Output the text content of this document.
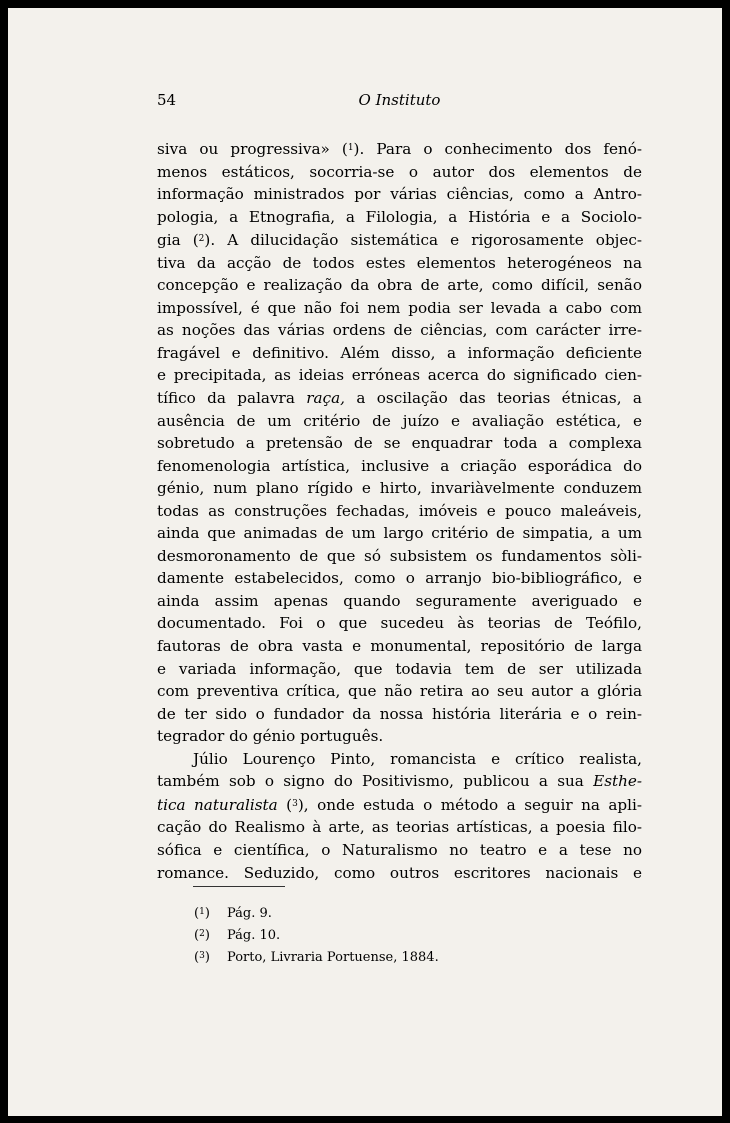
54	O Instituto

siva ou progressiva» ($^1$). Para o conhecimento dos fenó-
menos estáticos, socorria-se o autor dos elementos de
informação ministrados por várias ciências, como a Antro-
pologia, a Etnografia, a Filologia, a História e a Sociolo-
gia ($^2$). A dilucidação sistemática e rigorosamente objec-
tiva da acção de todos estes elementos heterogéneos na
concepção e realização da obra de arte, como difícil, senão
impossível, é que não foi nem podia ser levada a cabo com
as noções das várias ordens de ciências, com carácter irre-
fragável e definitivo. Além disso, a informação deficiente
e precipitada, as ideias erróneas acerca do significado cien-
tífico da palavra raça, a oscilação das teorias étnicas, a
ausência de um critério de juízo e avaliação estética, e
sobretudo a pretensão de se enquadrar toda a complexa
fenomenologia artística, inclusive a criação esporádica do
génio, num plano rígido e hirto, invariàvelmente conduzem
todas as construções fechadas, imóveis e pouco maleáveis,
ainda que animadas de um largo critério de simpatia, a um
desmoronamento de que só subsistem os fundamentos sòli-
damente estabelecidos, como o arranjo bio-bibliográfico, e
ainda assim apenas quando seguramente averiguado e
documentado. Foi o que sucedeu às teorias de Teófilo,
fautoras de obra vasta e monumental, repositório de larga
e variada informação, que todavia tem de ser utilizada
com preventiva crítica, que não retira ao seu autor a glória
de ter sido o fundador da nossa história literária e o rein-
tegrador do génio português.

Júlio Lourenço Pinto, romancista e crítico realista,
também sob o signo do Positivismo, publicou a sua Esthe-
tica naturalista ($^3$), onde estuda o método a seguir na apli-
cação do Realismo à arte, as teorias artísticas, a poesia filo-
sófica e científica, o Naturalismo no teatro e a tese no
romance. Seduzido, como outros escritores nacionais e

($^1$) Pág. 9.
($^2$) Pág. 10.
($^3$) Porto, Livraria Portuense, 1884.
